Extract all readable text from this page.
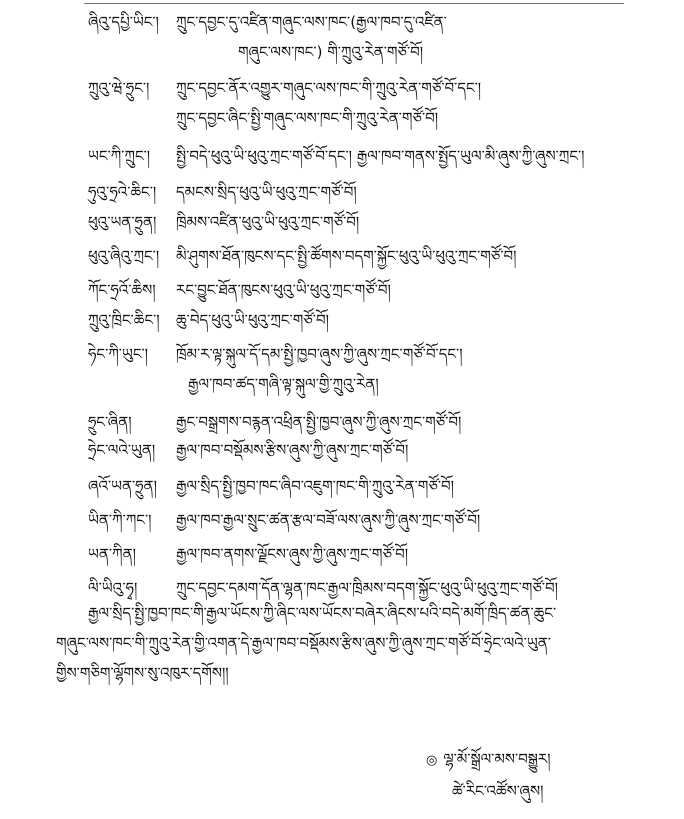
ཞིའུ་དཔྱི་ཡིང་། ཀྲུང་དབྱང་དུ་འཛིན་གཞུང་ལས་ཁང་(རྒྱལ་ཁབ་དུ་འཛིན་
གཞུང་ལས་ཁང་) གི་ཀྲུའུ་རེན་གཙོ་བོ།
ཀྲུའུ་ཝེ་ཧྲུང་། ཀྲུང་དབྱང་ནོར་འགྱུར་གཞུང་ལས་ཁང་གི་ཀྲུའུ་རེན་གཙོ་བོ་དང་།
ཀྲུང་དབྱང་ཞིང་སྤྱི་གཞུང་ལས་ཁང་གི་ཀྲུའུ་རེན་གཙོ་བོ།
ཡང་ཀི་ཀྲུང་། སྤྱི་བདེ་ཕུའུ་ཡི་ཕུའུ་ཀྲང་གཙོ་བོ་དང་། རྒྱལ་ཁབ་གནས་སྤྱོད་ཡུལ་མི་ཞུས་ཀྱི་ཞུས་ཀྲང་།
ཧུའུ་ཧྲའེ་ཆིང་། དམངས་སྲིད་ཕུའུ་ཡི་ཕུའུ་ཀྲང་གཙོ་བོ།
ཕུའུ་ཡན་ཧྲུན། ཁྲིམས་འཛིན་ཕུའུ་ཡི་ཕུའུ་ཀྲང་གཙོ་བོ།
ཕུའུ་ཞིའུ་ཀྲང་། མི་ཤུགས་ཐོན་ཁུངས་དང་སྤྱི་ཚོགས་བདག་སྐྱོང་ཕུའུ་ཡི་ཕུའུ་ཀྲང་གཙོ་བོ།
ཀོང་ཧྲའོ་ཆིས། རང་བྱུང་ཐོན་ཁུངས་ཕུའུ་ཡི་ཕུའུ་ཀྲང་གཙོ་བོ།
ཀྲུའུ་ཁྲིང་ཆིང་། ཆུ་བེད་ཕུའུ་ཡི་ཕུའུ་ཀྲང་གཙོ་བོ།
ཧེང་ཀི་ཡུང་། ཁྲོམ་ར་ལྟ་སྐུལ་དོ་དམ་སྤྱི་ཁྱབ་ཞུས་ཀྱི་ཞུས་ཀྲང་གཙོ་བོ་དང་།
རྒྱལ་ཁབ་ཚད་གཞི་ལྟ་སྐུལ་གྱི་ཀྲུའུ་རེན།
ཧྲུང་ཞིན།	རྒྱང་བསྒྲགས་བརྙན་འཕྲིན་སྤྱི་ཁྱབ་ཞུས་ཀྱི་ཞུས་ཀྲང་གཙོ་བོ།
ཧྲེང་ལའེ་ཡུན། རྒྱལ་ཁབ་བསྡོམས་རྩིས་ཞུས་ཀྱི་ཞུས་ཀྲང་གཙོ་བོ།
ཞའོ་ཡན་ཧྲུན། རྒྱལ་སྲིད་སྤྱི་ཁྱབ་ཁང་ཞིབ་འཇུག་ཁང་གི་ཀྲུའུ་རེན་གཙོ་བོ།
ཡིན་ཀི་ཀང་། རྒྱལ་ཁབ་རྒྱལ་སྲུང་ཚན་རྩལ་བཟོ་ལས་ཞུས་ཀྱི་ཞུས་ཀྲང་གཙོ་བོ།
ཡན་ཀིན།	རྒྱལ་ཁབ་ནགས་ལྗོངས་ཞུས་ཀྱི་ཞུས་ཀྲང་གཙོ་བོ།
ལི་ཡིའུ་ཧྭ།	ཀྲུང་དབྱང་དམག་དོན་ལྷན་ཁང་རྒྱལ་ཁྲིམས་བདག་སྐྱོང་ཕུའུ་ཡི་ཕུའུ་ཀྲང་གཙོ་བོ།
རྒྱལ་སྲིད་སྤྱི་ཁྱབ་ཁང་གི་རྒྱལ་ཡོངས་ཀྱི་ཞིང་ལས་ཡོངས་བཞེར་ཞིངས་པའི་བདེ་མགོ་ཁྲིད་ཚན་ཆུང་
གཞུང་ལས་ཁང་གི་ཀྲུའུ་རེན་གྱི་འགན་དེ་རྒྱལ་ཁབ་བསྡོམས་རྩིས་ཞུས་ཀྱི་ཞུས་ཀྲང་གཙོ་བོ་ཧྲེང་ལའེ་ཡུན་
གྱིས་གཅིག་ལྷོགས་སུ་འཁུར་དགོས།།
◎ ལྷ་མོ་སྒྲོལ་མས་བསྒྱུར།
ཚེ་རིང་འཚོས་ཞུས།
